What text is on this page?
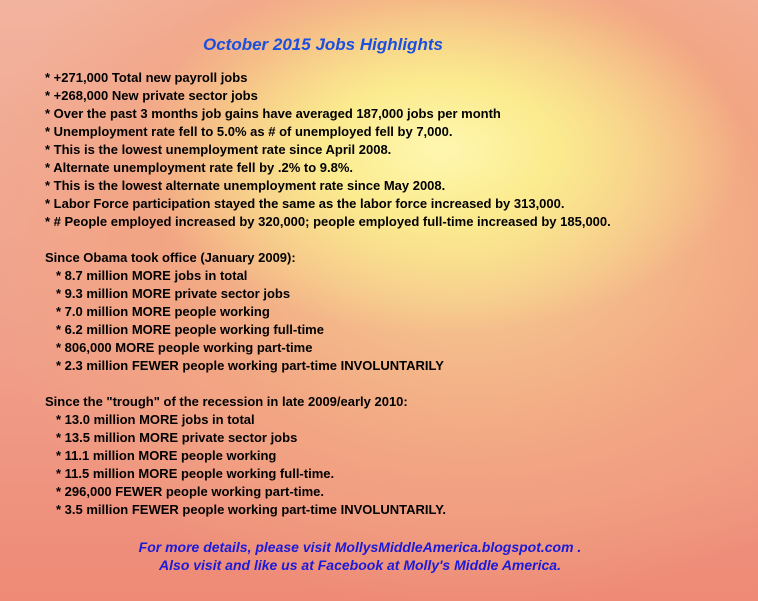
October 2015 Jobs Highlights
* +271,000 Total new payroll jobs
* +268,000 New private sector jobs
* Over the past 3 months job gains have averaged 187,000 jobs per month
* Unemployment rate fell to 5.0% as # of unemployed fell by 7,000.
* This is the lowest unemployment rate since April 2008.
* Alternate unemployment rate fell by .2% to 9.8%.
* This is the lowest alternate unemployment rate since May 2008.
* Labor Force participation stayed the same as the labor force increased by 313,000.
* # People employed increased by 320,000; people employed full-time increased by 185,000.
Since Obama took office (January 2009):
* 8.7 million MORE jobs in total
* 9.3 million MORE private sector jobs
* 7.0 million MORE people working
* 6.2 million MORE people working full-time
* 806,000 MORE people working part-time
* 2.3 million FEWER people working part-time INVOLUNTARILY
Since the "trough" of the recession in late 2009/early 2010:
* 13.0 million MORE jobs in total
* 13.5 million MORE private sector jobs
* 11.1 million MORE people working
* 11.5 million MORE people working full-time.
* 296,000 FEWER people working part-time.
* 3.5 million FEWER people working part-time INVOLUNTARILY.
For more details, please visit MollysMiddleAmerica.blogspot.com .
Also visit and like us at Facebook at Molly's Middle America.
